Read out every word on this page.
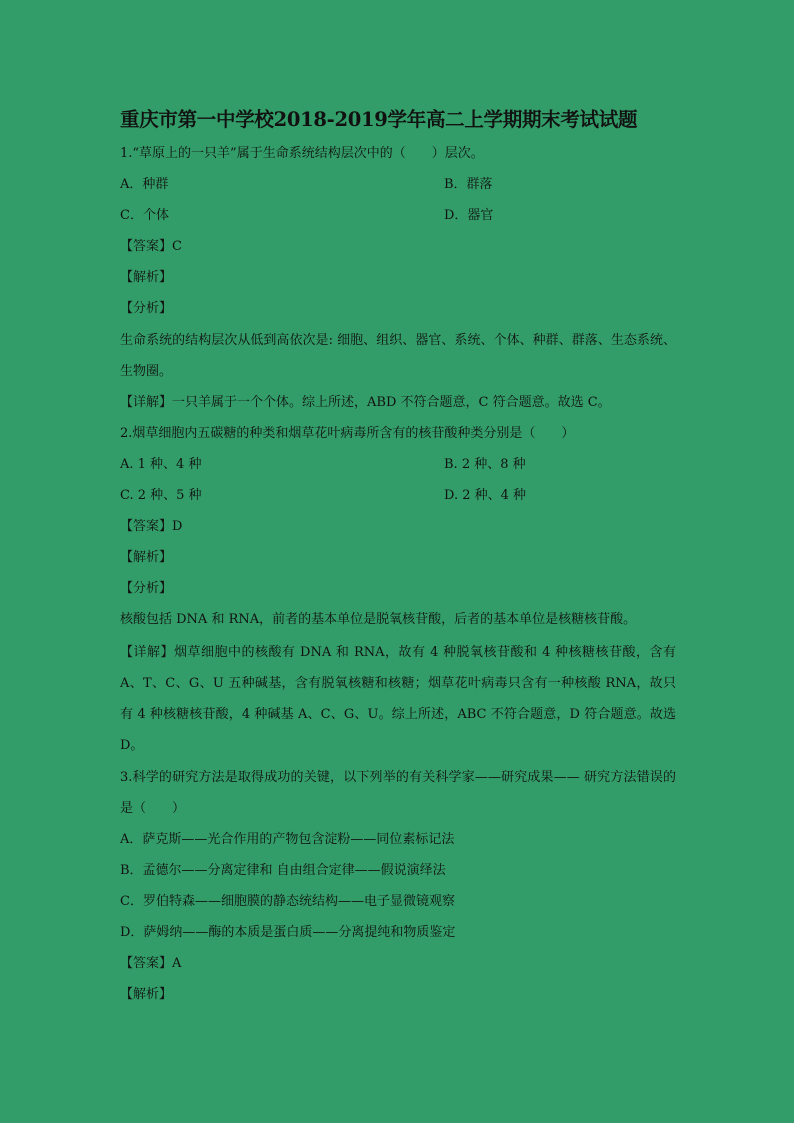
重庆市第一中学校2018-2019学年高二上学期期末考试试题
1.“草原上的一只羊”属于生命系统结构层次中的（　　）层次。
A．种群	B．群落
C．个体	D．器官
【答案】C
【解析】
【分析】
生命系统的结构层次从低到高依次是: 细胞、组织、器官、系统、个体、种群、群落、生态系统、生物圈。
【详解】一只羊属于一个个体。综上所述，ABD 不符合题意，C 符合题意。故选 C。
2.烟草细胞内五碳糖的种类和烟草花叶病毒所含有的核苷酸种类分别是（　　）
A. 1 种、4 种	B. 2 种、8 种
C. 2 种、5 种	D. 2 种、4 种
【答案】D
【解析】
【分析】
核酸包括 DNA 和 RNA，前者的基本单位是脱氧核苷酸，后者的基本单位是核糖核苷酸。
【详解】烟草细胞中的核酸有 DNA 和 RNA，故有 4 种脱氧核苷酸和 4 种核糖核苷酸，含有 A、T、C、G、U 五种碱基，含有脱氧核糖和核糖；烟草花叶病毒只含有一种核酸 RNA，故只有 4 种核糖核苷酸，4 种碱基 A、C、G、U。综上所述，ABC 不符合题意，D 符合题意。故选 D。
3.科学的研究方法是取得成功的关键，以下列举的有关科学家——研究成果—— 研究方法错误的是（　　）
A．萨克斯——光合作用的产物包含淀粉——同位素标记法
B．孟德尔——分离定律和 自由组合定律——假说演绎法
C．罗伯特森——细胞膜的静态统结构——电子显微镜观察
D．萨姆纳——酶的本质是蛋白质——分离提纯和物质鉴定
【答案】A
【解析】
